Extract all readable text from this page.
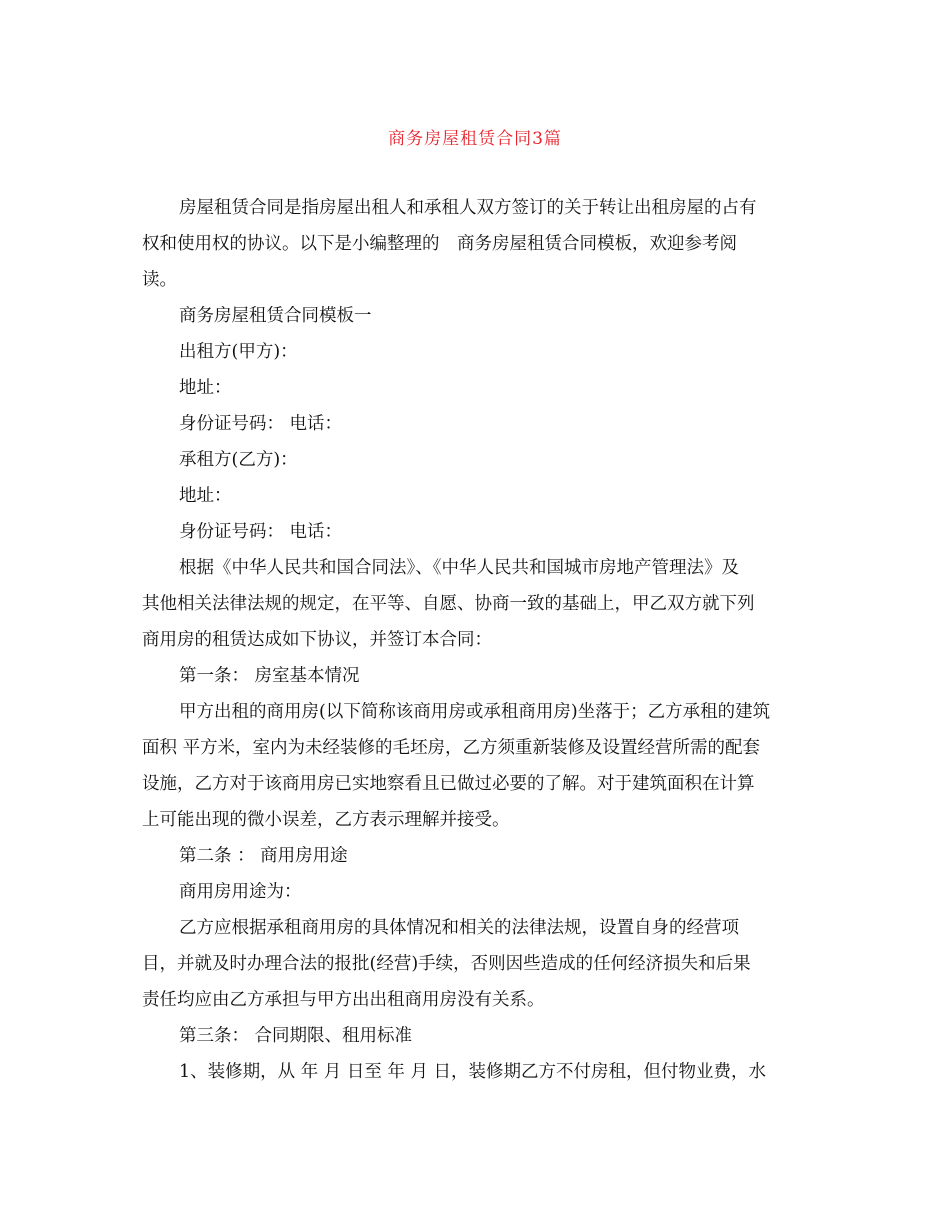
商务房屋租赁合同3篇

房屋租赁合同是指房屋出租人和承租人双方签订的关于转让出租房屋的占有
权和使用权的协议。以下是小编整理的　商务房屋租赁合同模板，欢迎参考阅
读。

商务房屋租赁合同模板一

出租方(甲方)：

地址：

身份证号码： 电话：

承租方(乙方)：

地址：

身份证号码： 电话：

根据《中华人民共和国合同法》、《中华人民共和国城市房地产管理法》及
其他相关法律法规的规定，在平等、自愿、协商一致的基础上，甲乙双方就下列
商用房的租赁达成如下协议，并签订本合同：

第一条： 房室基本情况

甲方出租的商用房(以下简称该商用房或承租商用房)坐落于；乙方承租的建筑
面积 平方米，室内为未经装修的毛坯房，乙方须重新装修及设置经营所需的配套
设施，乙方对于该商用房已实地察看且已做过必要的了解。对于建筑面积在计算
上可能出现的微小误差，乙方表示理解并接受。

第二条 ： 商用房用途

商用房用途为：

乙方应根据承租商用房的具体情况和相关的法律法规，设置自身的经营项
目，并就及时办理合法的报批(经营)手续，否则因些造成的任何经济损失和后果
责任均应由乙方承担与甲方出出租商用房没有关系。

第三条： 合同期限、租用标准

1、装修期，从 年 月 日至 年 月 日，装修期乙方不付房租，但付物业费，水
